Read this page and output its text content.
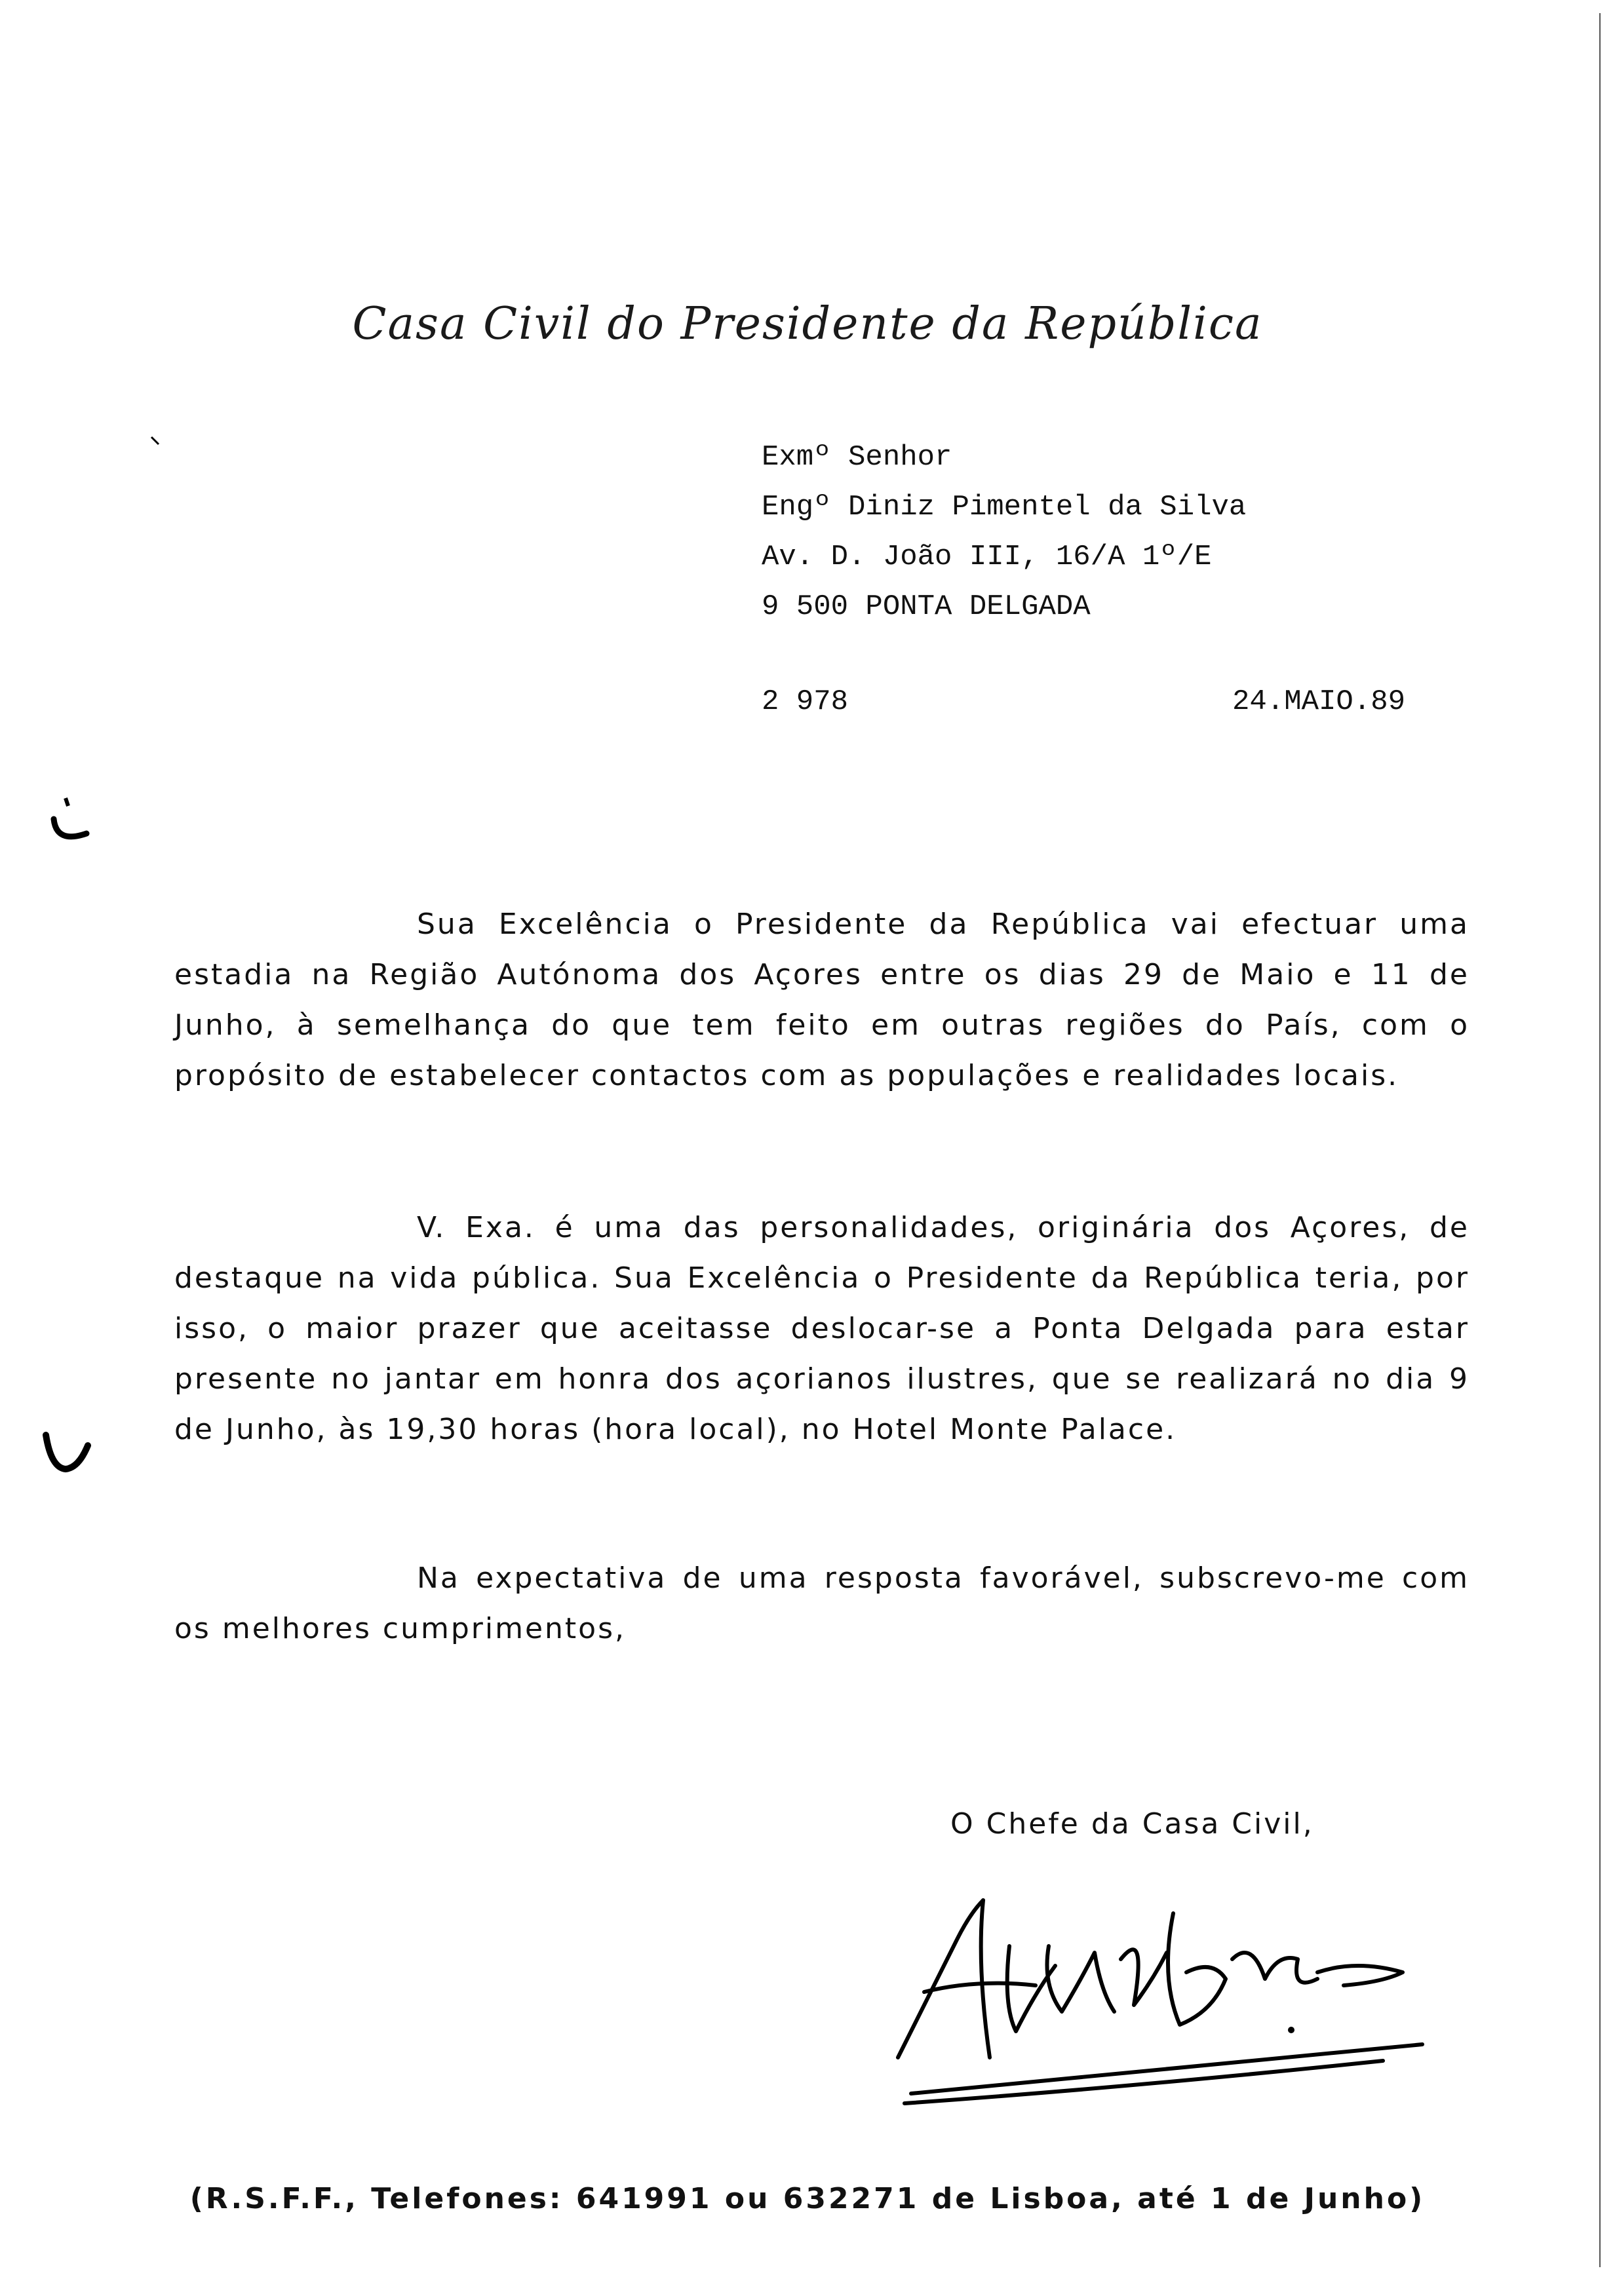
Casa Civil do Presidente da República
Exmº Senhor
Engº Diniz Pimentel da Silva
Av. D. João III, 16/A 1º/E
9 500 PONTA DELGADA
2 978	24.MAIO.89

Sua Excelência o Presidente da República vai efectuar uma estadia na Região Autónoma dos Açores entre os dias 29 de Maio e 11 de Junho, à semelhança do que tem feito em outras regiões do País, com o propósito de estabelecer contactos com as populações e realidades locais.

V. Exa. é uma das personalidades, originária dos Açores, de destaque na vida pública. Sua Excelência o Presidente da República teria, por isso, o maior prazer que aceitasse deslocar-se a Ponta Delgada para estar presente no jantar em honra dos açorianos ilustres, que se realizará no dia 9 de Junho, às 19,30 horas (hora local), no Hotel Monte Palace.

Na expectativa de uma resposta favorável, subscrevo-me com os melhores cumprimentos,

O Chefe da Casa Civil,
(R.S.F.F., Telefones: 641991 ou 632271 de Lisboa, até 1 de Junho)
